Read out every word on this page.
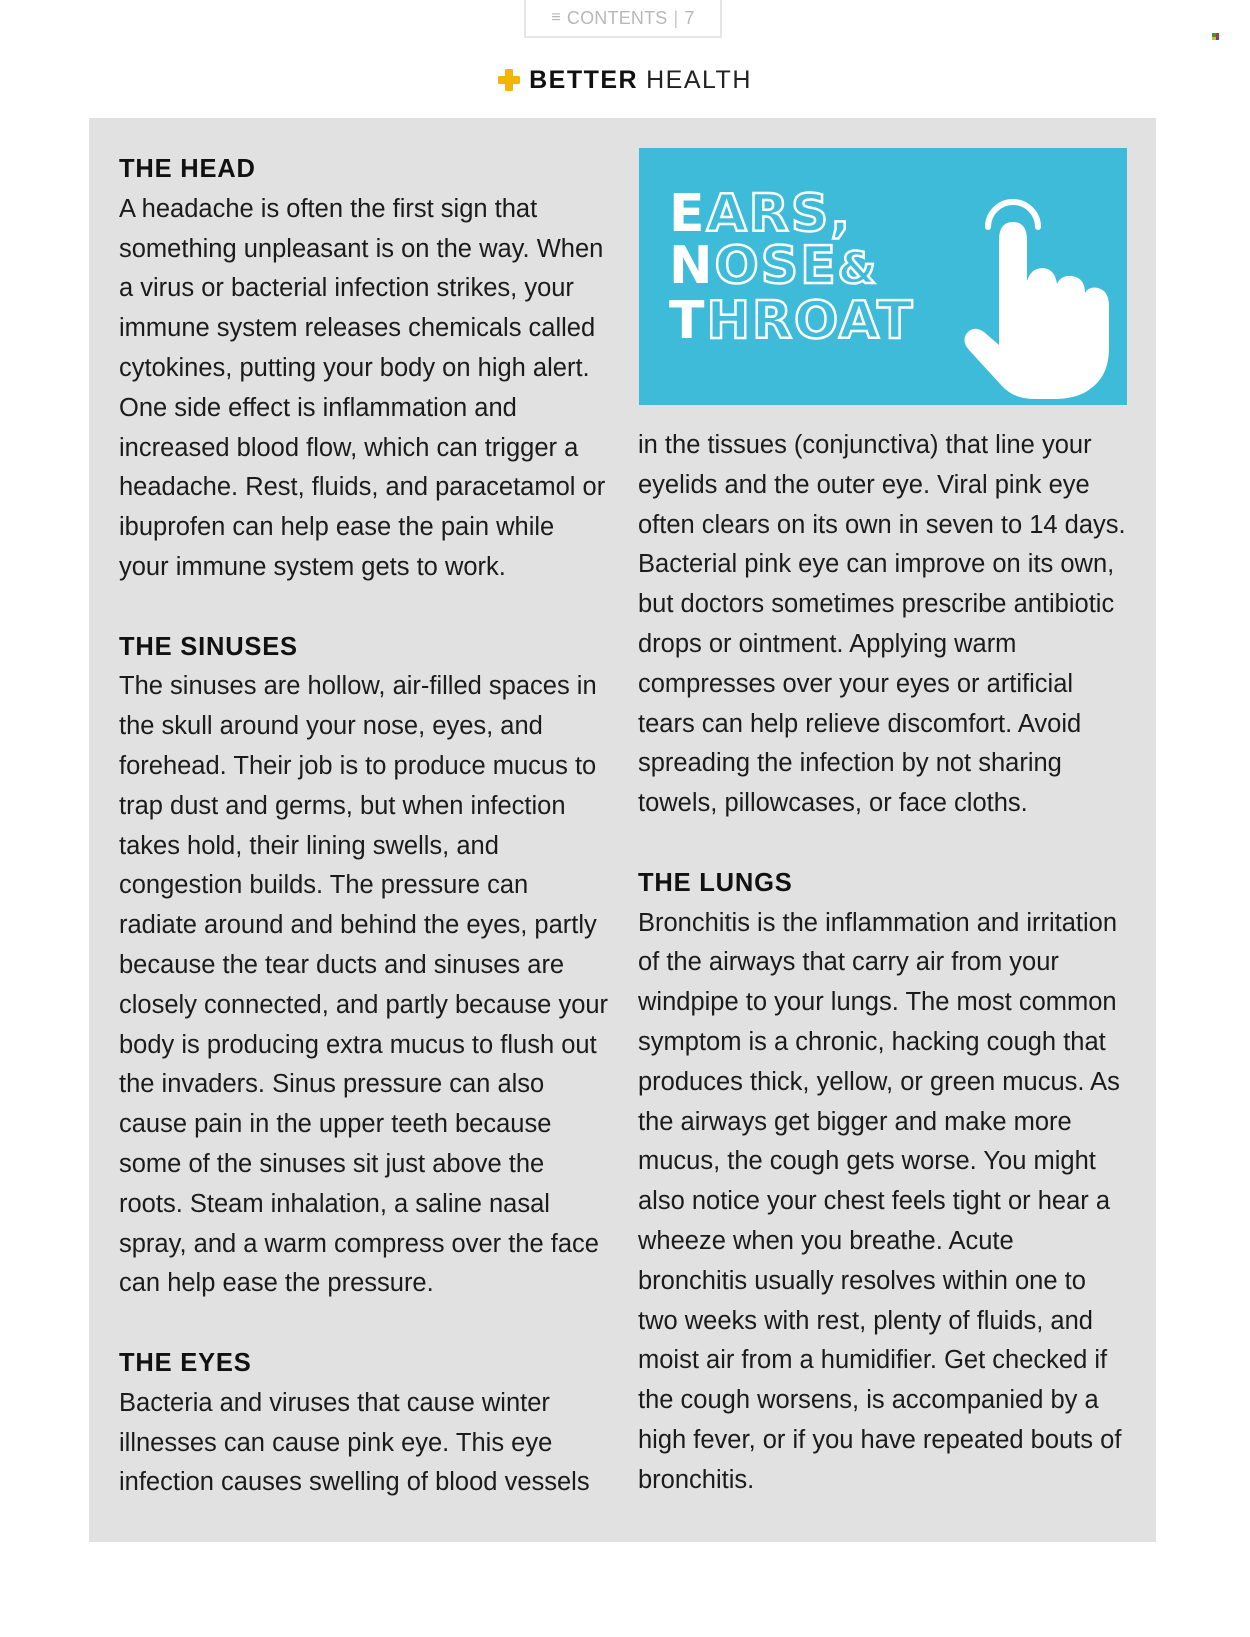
≡ CONTENTS | 7
BETTER HEALTH
THE HEAD

A headache is often the first sign that something unpleasant is on the way. When a virus or bacterial infection strikes, your immune system releases chemicals called cytokines, putting your body on high alert. One side effect is inflammation and increased blood flow, which can trigger a headache. Rest, fluids, and paracetamol or ibuprofen can help ease the pain while your immune system gets to work.

THE SINUSES

The sinuses are hollow, air-filled spaces in the skull around your nose, eyes, and forehead. Their job is to produce mucus to trap dust and germs, but when infection takes hold, their lining swells, and congestion builds. The pressure can radiate around and behind the eyes, partly because the tear ducts and sinuses are closely connected, and partly because your body is producing extra mucus to flush out the invaders. Sinus pressure can also cause pain in the upper teeth because some of the sinuses sit just above the roots. Steam inhalation, a saline nasal spray, and a warm compress over the face can help ease the pressure.

THE EYES

Bacteria and viruses that cause winter illnesses can cause pink eye. This eye infection causes swelling of blood vessels

EARS,
NOSE&
THROAT

in the tissues (conjunctiva) that line your eyelids and the outer eye. Viral pink eye often clears on its own in seven to 14 days. Bacterial pink eye can improve on its own, but doctors sometimes prescribe antibiotic drops or ointment. Applying warm compresses over your eyes or artificial tears can help relieve discomfort. Avoid spreading the infection by not sharing towels, pillowcases, or face cloths.

THE LUNGS

Bronchitis is the inflammation and irritation of the airways that carry air from your windpipe to your lungs. The most common symptom is a chronic, hacking cough that produces thick, yellow, or green mucus. As the airways get bigger and make more mucus, the cough gets worse. You might also notice your chest feels tight or hear a wheeze when you breathe. Acute bronchitis usually resolves within one to two weeks with rest, plenty of fluids, and moist air from a humidifier. Get checked if the cough worsens, is accompanied by a high fever, or if you have repeated bouts of bronchitis.
